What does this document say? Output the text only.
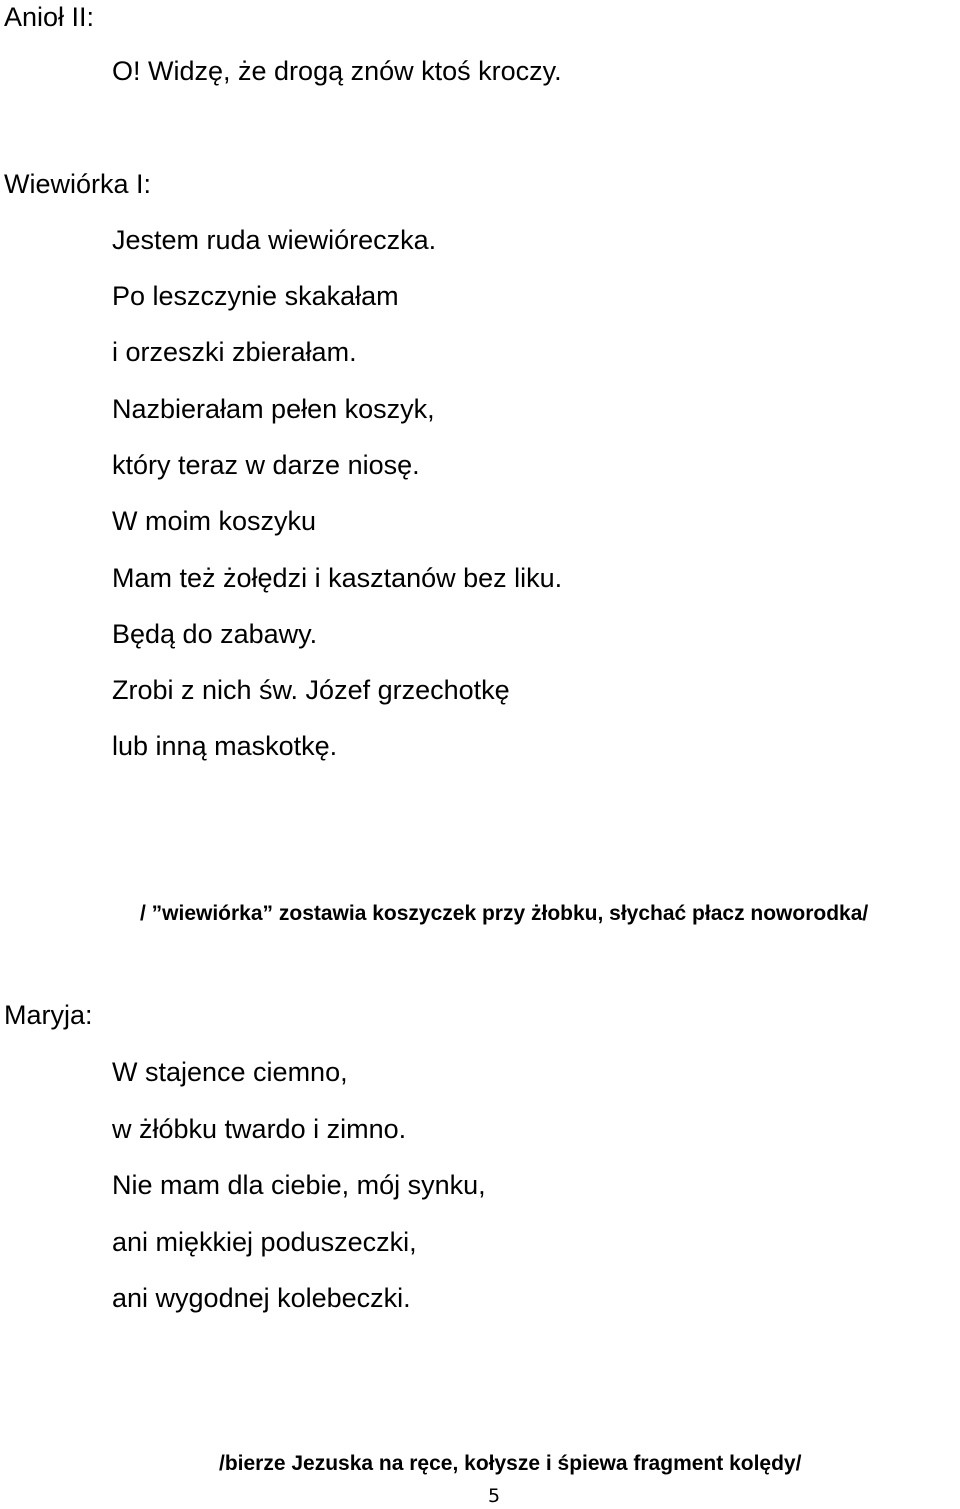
Anioł II:
O! Widzę, że drogą znów ktoś kroczy.
Wiewiórka I:
Jestem ruda wiewióreczka.
Po leszczynie skakałam
i orzeszki zbierałam.
Nazbierałam pełen koszyk,
który teraz w darze niosę.
W moim koszyku
Mam też żołędzi i kasztanów bez liku.
Będą do zabawy.
Zrobi z nich św. Józef grzechotkę
lub inną maskotkę.
/ ”wiewiórka” zostawia koszyczek przy żłobku, słychać płacz noworodka/
Maryja:
W stajence ciemno,
w żłóbku twardo i zimno.
Nie mam dla ciebie, mój synku,
ani miękkiej poduszeczki,
ani wygodnej kolebeczki.
/bierze Jezuska na ręce, kołysze i śpiewa fragment kolędy/
5
